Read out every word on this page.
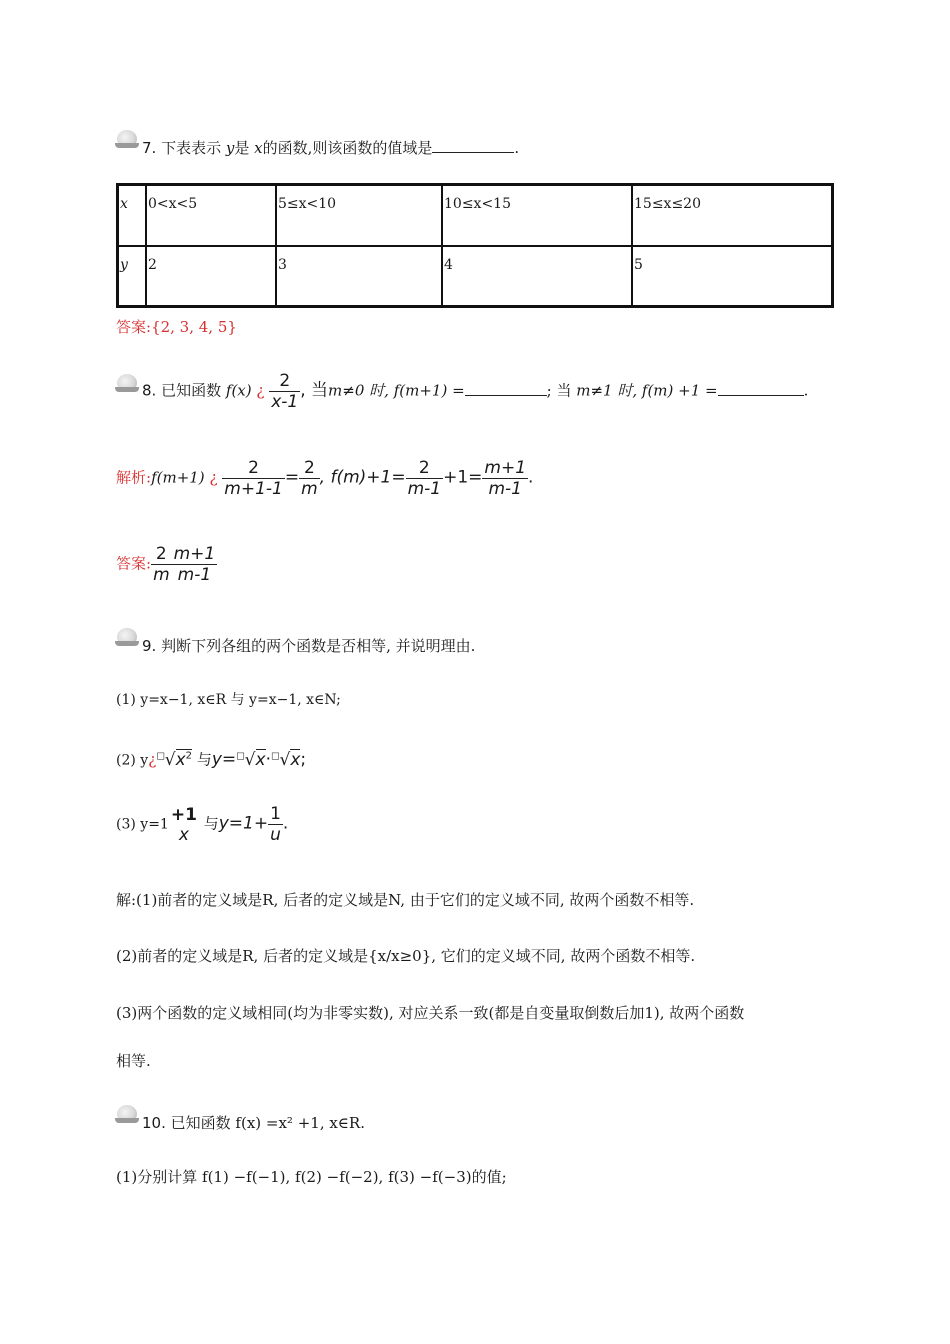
7. 下表表示 y是 x的函数,则该函数的值域是	.
x	0<x<5	5≤x<10	10≤x<15	15≤x≤20
y	2	3	4	5
答案:{2, 3, 4, 5}
8. 已知函数 f(x) ¿ $\frac{2}{x-1}$ , 当m≠0 时, f(m+1) =	; 当 m≠1 时, f(m) +1 =	.
解析:f(m+1) ¿ $\frac{2}{m+1-1} = \frac{2}{m}$ , $f(m)+1= \frac{2}{m-1} +1= \frac{m+1}{m-1}$ .
答案: $\frac{2}{m} \frac{m+1}{m-1}$
9. 判断下列各组的两个函数是否相等, 并说明理由.
(1) y=x−1, x∈R 与 y=x−1, x∈N;
(2) $y¿^□√x^2$ 与y=□√x·□√x;
(3) y=1 +1
x
与$y=1+ \frac{1}{u}$ .
解:(1)前者的定义域是R, 后者的定义域是N, 由于它们的定义域不同, 故两个函数不相等.
(2)前者的定义域是R, 后者的定义域是{x/x≥0}, 它们的定义域不同, 故两个函数不相等.
(3)两个函数的定义域相同(均为非零实数), 对应关系一致(都是自变量取倒数后加1), 故两个函数
相等.
10. 已知函数 f(x) =x² +1, x∈R.
(1)分别计算 f(1) −f(−1), f(2) −f(−2), f(3) −f(−3)的值;
